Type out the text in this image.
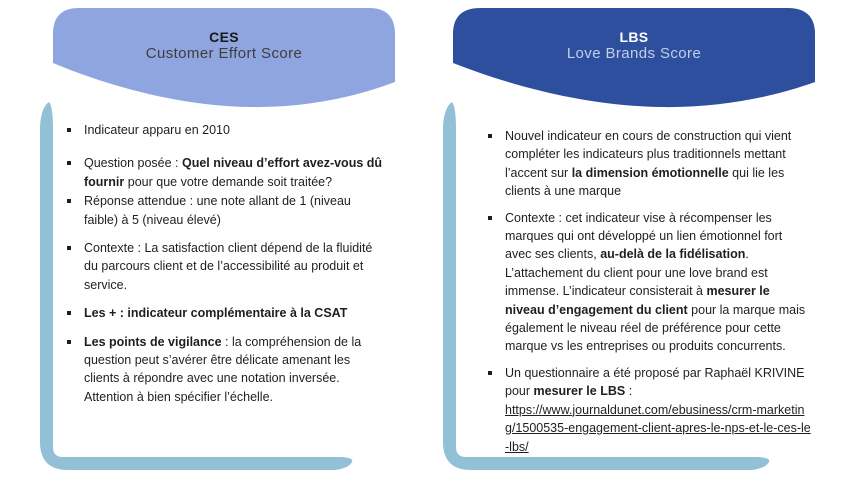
CES
Customer Effort Score
Indicateur apparu en 2010
Question posée : Quel niveau d’effort avez-vous dû fournir pour que votre demande soit traitée?
Réponse attendue : une note allant de 1 (niveau faible) à 5 (niveau élevé)
Contexte : La satisfaction client dépend de la fluidité du parcours client et de l’accessibilité au produit et service.
Les + : indicateur complémentaire à la CSAT
Les points de vigilance : la compréhension de la question peut s’avérer être délicate amenant les clients à répondre avec une notation inversée. Attention à bien spécifier l’échelle.
LBS
Love Brands Score
Nouvel indicateur en cours de construction qui vient compléter les indicateurs plus traditionnels mettant l’accent sur la dimension émotionnelle qui lie les clients à une marque
Contexte : cet indicateur vise à récompenser les marques qui ont développé un lien émotionnel fort avec ses clients, au-delà de la fidélisation. L’attachement du client pour une love brand est immense. L’indicateur consisterait à mesurer le niveau d’engagement du client pour la marque mais également le niveau réel de préférence pour cette marque vs les entreprises ou produits concurrents.
Un questionnaire a été proposé par Raphaël KRIVINE pour mesurer le LBS : https://www.journaldunet.com/ebusiness/crm-marketing/1500535-engagement-client-apres-le-nps-et-le-ces-le-lbs/
